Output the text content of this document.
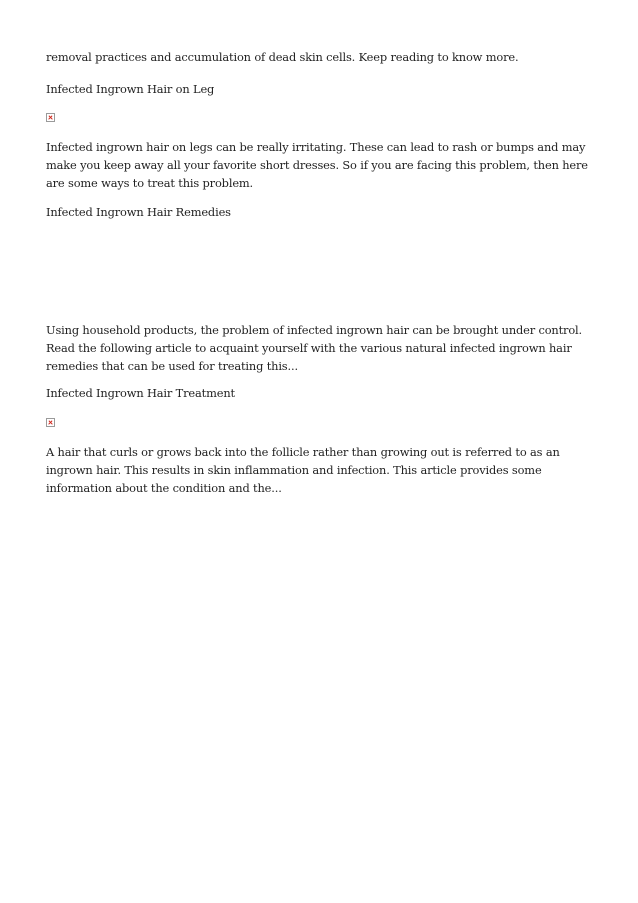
removal practices and accumulation of dead skin cells. Keep reading to know more.
Infected Ingrown Hair on Leg
Infected ingrown hair on legs can be really irritating. These can lead to rash or bumps and may make you keep away all your favorite short dresses. So if you are facing this problem, then here are some ways to treat this problem.
Infected Ingrown Hair Remedies
Using household products, the problem of infected ingrown hair can be brought under control. Read the following article to acquaint yourself with the various natural infected ingrown hair remedies that can be used for treating this...
Infected Ingrown Hair Treatment
A hair that curls or grows back into the follicle rather than growing out is referred to as an ingrown hair. This results in skin inflammation and infection. This article provides some information about the condition and the...
